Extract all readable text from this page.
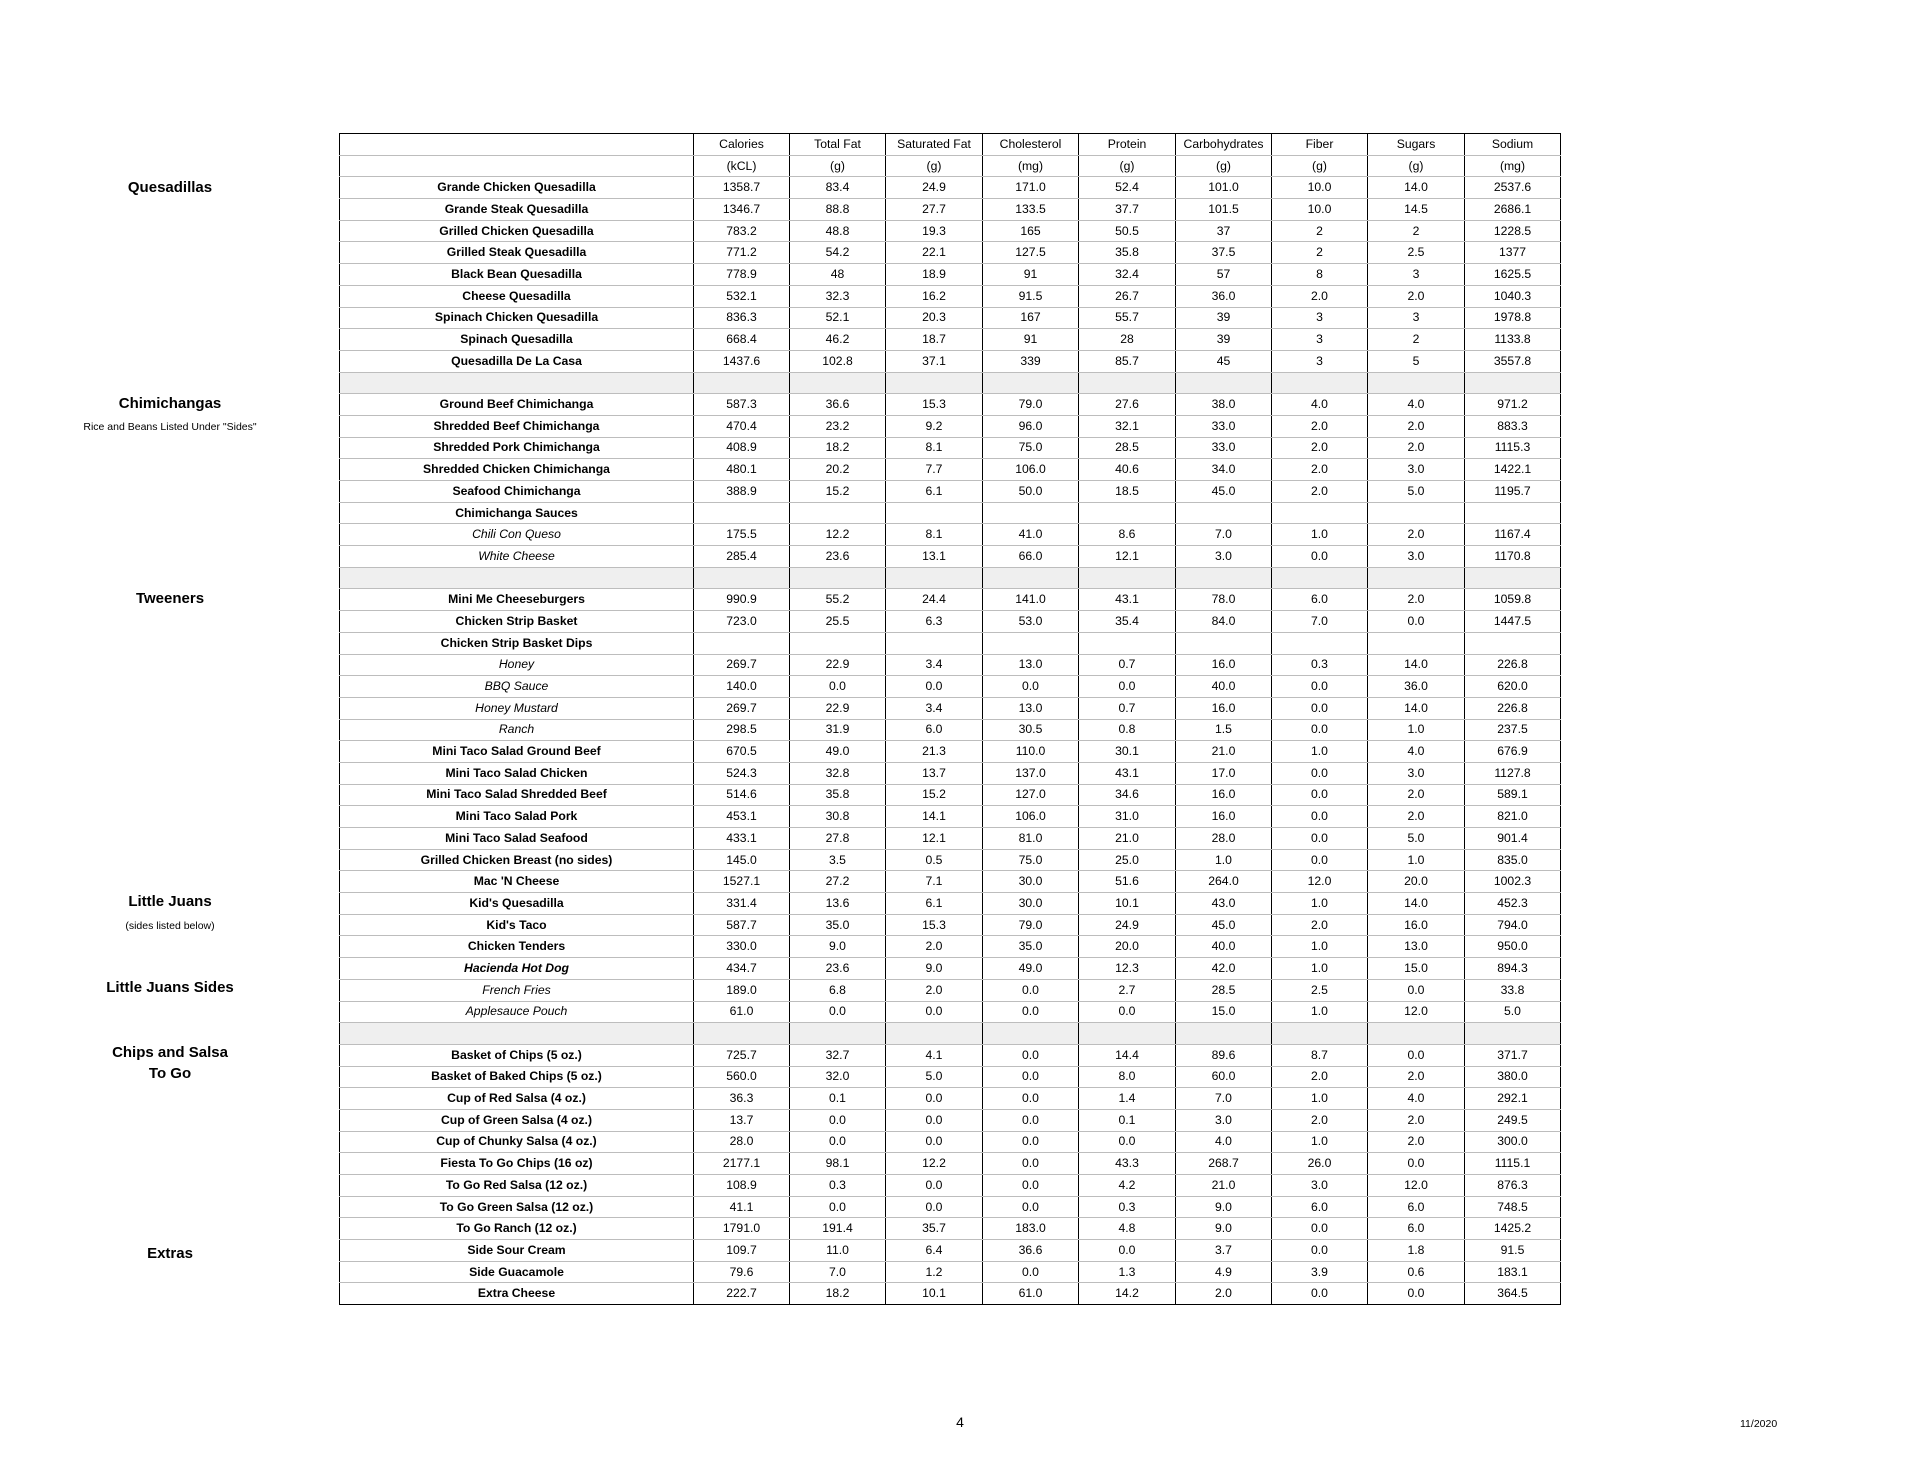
Quesadillas
Chimichangas
Rice and Beans Listed Under "Sides"
Tweeners
Little Juans
(sides listed below)
Little Juans Sides
Chips and Salsa
To Go
Extras
	Calories	Total Fat	Saturated Fat	Cholesterol	Protein	Carbohydrates	Fiber	Sugars	Sodium
	(kCL)	(g)	(g)	(mg)	(g)	(g)	(g)	(g)	(mg)
Grande Chicken Quesadilla	1358.7	83.4	24.9	171.0	52.4	101.0	10.0	14.0	2537.6
Grande Steak Quesadilla	1346.7	88.8	27.7	133.5	37.7	101.5	10.0	14.5	2686.1
Grilled Chicken Quesadilla	783.2	48.8	19.3	165	50.5	37	2	2	1228.5
Grilled Steak Quesadilla	771.2	54.2	22.1	127.5	35.8	37.5	2	2.5	1377
Black Bean Quesadilla	778.9	48	18.9	91	32.4	57	8	3	1625.5
Cheese Quesadilla	532.1	32.3	16.2	91.5	26.7	36.0	2.0	2.0	1040.3
Spinach Chicken Quesadilla	836.3	52.1	20.3	167	55.7	39	3	3	1978.8
Spinach Quesadilla	668.4	46.2	18.7	91	28	39	3	2	1133.8
Quesadilla De La Casa	1437.6	102.8	37.1	339	85.7	45	3	5	3557.8

Ground Beef Chimichanga	587.3	36.6	15.3	79.0	27.6	38.0	4.0	4.0	971.2
Shredded Beef Chimichanga	470.4	23.2	9.2	96.0	32.1	33.0	2.0	2.0	883.3
Shredded Pork Chimichanga	408.9	18.2	8.1	75.0	28.5	33.0	2.0	2.0	1115.3
Shredded Chicken Chimichanga	480.1	20.2	7.7	106.0	40.6	34.0	2.0	3.0	1422.1
Seafood Chimichanga	388.9	15.2	6.1	50.0	18.5	45.0	2.0	5.0	1195.7
Chimichanga Sauces									
Chili Con Queso	175.5	12.2	8.1	41.0	8.6	7.0	1.0	2.0	1167.4
White Cheese	285.4	23.6	13.1	66.0	12.1	3.0	0.0	3.0	1170.8

Mini Me Cheeseburgers	990.9	55.2	24.4	141.0	43.1	78.0	6.0	2.0	1059.8
Chicken Strip Basket	723.0	25.5	6.3	53.0	35.4	84.0	7.0	0.0	1447.5
Chicken Strip Basket Dips									
Honey	269.7	22.9	3.4	13.0	0.7	16.0	0.3	14.0	226.8
BBQ Sauce	140.0	0.0	0.0	0.0	0.0	40.0	0.0	36.0	620.0
Honey Mustard	269.7	22.9	3.4	13.0	0.7	16.0	0.0	14.0	226.8
Ranch	298.5	31.9	6.0	30.5	0.8	1.5	0.0	1.0	237.5
Mini Taco Salad Ground Beef	670.5	49.0	21.3	110.0	30.1	21.0	1.0	4.0	676.9
Mini Taco Salad Chicken	524.3	32.8	13.7	137.0	43.1	17.0	0.0	3.0	1127.8
Mini Taco Salad Shredded Beef	514.6	35.8	15.2	127.0	34.6	16.0	0.0	2.0	589.1
Mini Taco Salad Pork	453.1	30.8	14.1	106.0	31.0	16.0	0.0	2.0	821.0
Mini Taco Salad Seafood	433.1	27.8	12.1	81.0	21.0	28.0	0.0	5.0	901.4
Grilled Chicken Breast (no sides)	145.0	3.5	0.5	75.0	25.0	1.0	0.0	1.0	835.0
Mac 'N Cheese	1527.1	27.2	7.1	30.0	51.6	264.0	12.0	20.0	1002.3
Kid's Quesadilla	331.4	13.6	6.1	30.0	10.1	43.0	1.0	14.0	452.3
Kid's Taco	587.7	35.0	15.3	79.0	24.9	45.0	2.0	16.0	794.0
Chicken Tenders	330.0	9.0	2.0	35.0	20.0	40.0	1.0	13.0	950.0
Hacienda Hot Dog	434.7	23.6	9.0	49.0	12.3	42.0	1.0	15.0	894.3
French Fries	189.0	6.8	2.0	0.0	2.7	28.5	2.5	0.0	33.8
Applesauce Pouch	61.0	0.0	0.0	0.0	0.0	15.0	1.0	12.0	5.0

Basket of Chips (5 oz.)	725.7	32.7	4.1	0.0	14.4	89.6	8.7	0.0	371.7
Basket of Baked Chips (5 oz.)	560.0	32.0	5.0	0.0	8.0	60.0	2.0	2.0	380.0
Cup of Red Salsa (4 oz.)	36.3	0.1	0.0	0.0	1.4	7.0	1.0	4.0	292.1
Cup of Green Salsa (4 oz.)	13.7	0.0	0.0	0.0	0.1	3.0	2.0	2.0	249.5
Cup of Chunky Salsa (4 oz.)	28.0	0.0	0.0	0.0	0.0	4.0	1.0	2.0	300.0
Fiesta To Go Chips (16 oz)	2177.1	98.1	12.2	0.0	43.3	268.7	26.0	0.0	1115.1
To Go Red Salsa (12 oz.)	108.9	0.3	0.0	0.0	4.2	21.0	3.0	12.0	876.3
To Go Green Salsa (12 oz.)	41.1	0.0	0.0	0.0	0.3	9.0	6.0	6.0	748.5
To Go Ranch (12 oz.)	1791.0	191.4	35.7	183.0	4.8	9.0	0.0	6.0	1425.2
Side Sour Cream	109.7	11.0	6.4	36.6	0.0	3.7	0.0	1.8	91.5
Side Guacamole	79.6	7.0	1.2	0.0	1.3	4.9	3.9	0.6	183.1
Extra Cheese	222.7	18.2	10.1	61.0	14.2	2.0	0.0	0.0	364.5
4	11/2020
